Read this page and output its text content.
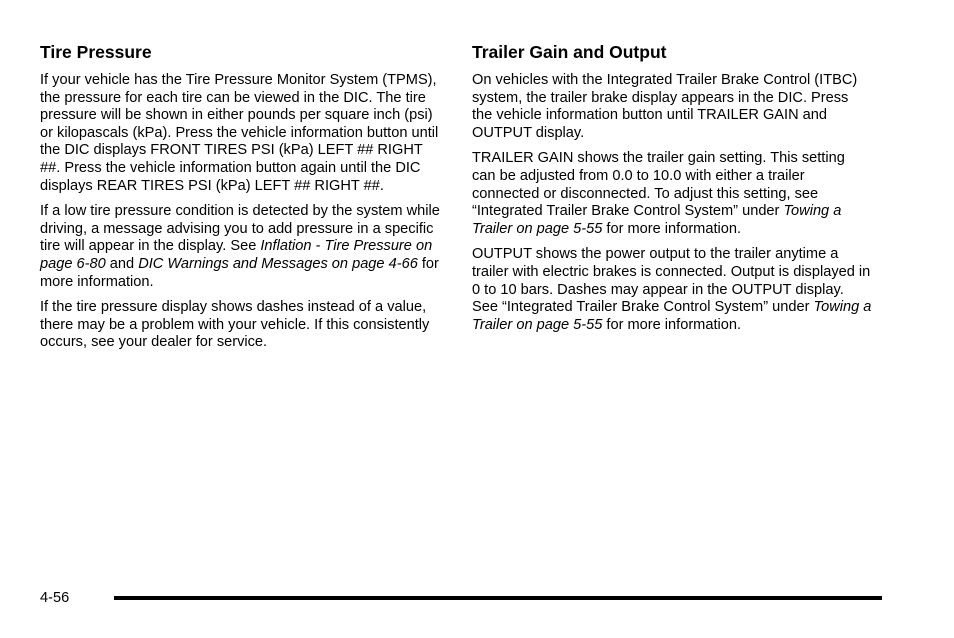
Tire Pressure

If your vehicle has the Tire Pressure Monitor System (TPMS), the pressure for each tire can be viewed in the DIC. The tire pressure will be shown in either pounds per square inch (psi) or kilopascals (kPa). Press the vehicle information button until the DIC displays FRONT TIRES PSI (kPa) LEFT ## RIGHT ##. Press the vehicle information button again until the DIC displays REAR TIRES PSI (kPa) LEFT ## RIGHT ##.

If a low tire pressure condition is detected by the system while driving, a message advising you to add pressure in a specific tire will appear in the display. See Inflation - Tire Pressure on page 6-80 and DIC Warnings and Messages on page 4-66 for more information.

If the tire pressure display shows dashes instead of a value, there may be a problem with your vehicle. If this consistently occurs, see your dealer for service.

Trailer Gain and Output

On vehicles with the Integrated Trailer Brake Control (ITBC) system, the trailer brake display appears in the DIC. Press the vehicle information button until TRAILER GAIN and OUTPUT display.

TRAILER GAIN shows the trailer gain setting. This setting can be adjusted from 0.0 to 10.0 with either a trailer connected or disconnected. To adjust this setting, see “Integrated Trailer Brake Control System” under Towing a Trailer on page 5-55 for more information.

OUTPUT shows the power output to the trailer anytime a trailer with electric brakes is connected. Output is displayed in 0 to 10 bars. Dashes may appear in the OUTPUT display. See “Integrated Trailer Brake Control System” under Towing a Trailer on page 5-55 for more information.

4-56
